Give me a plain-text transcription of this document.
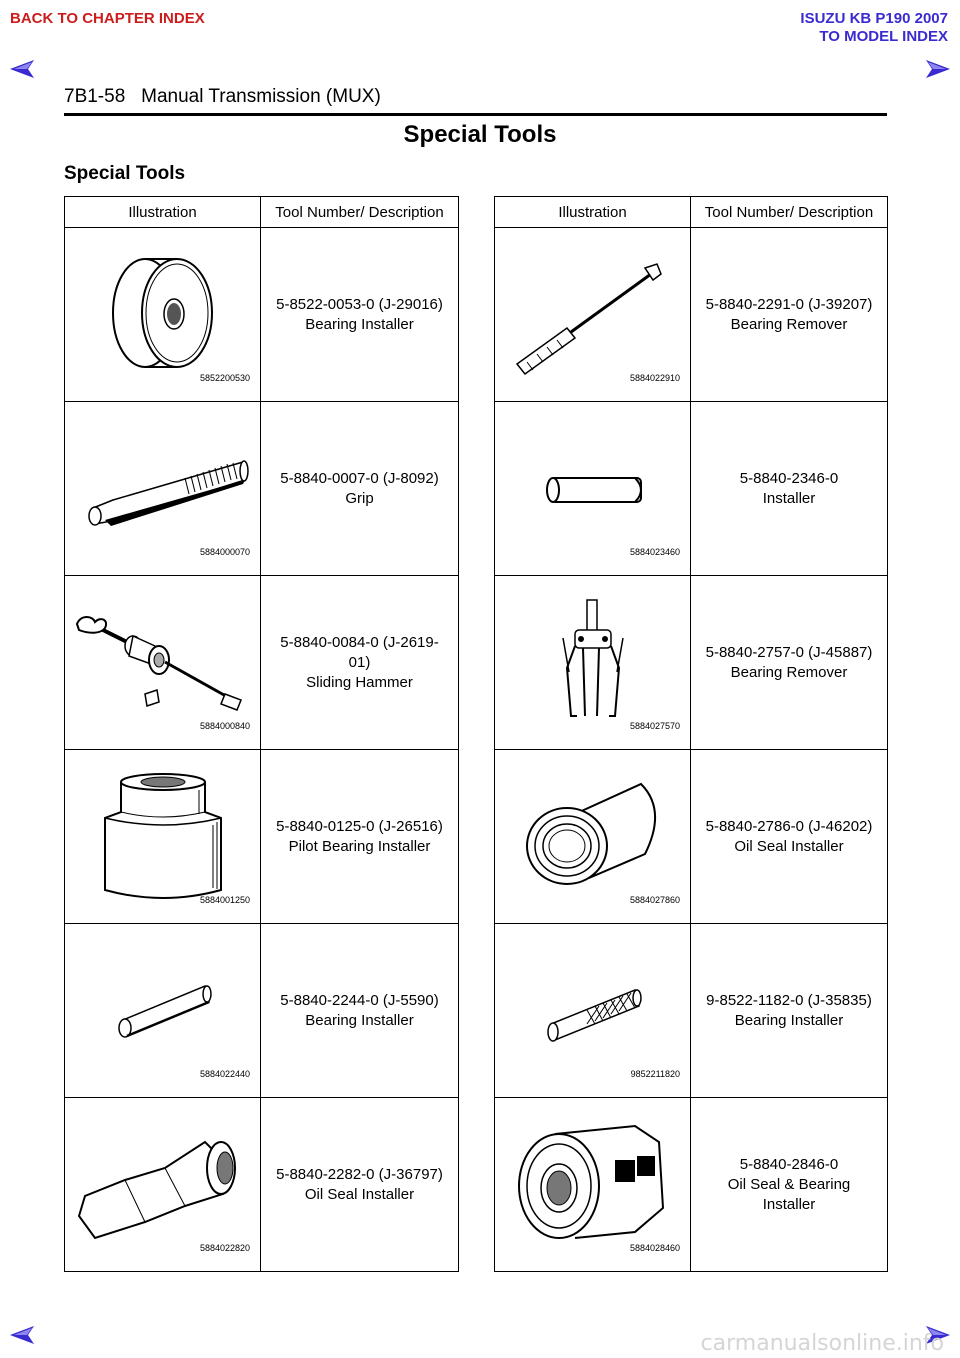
BACK TO CHAPTER INDEX	ISUZU KB P190 2007
TO MODEL INDEX
7B1-58 Manual Transmission (MUX)
Special Tools
Special Tools
Illustration	Tool Number/ Description

5852200530	5-8522-0053-0 (J-29016)
Bearing Installer

5884000070	5-8840-0007-0 (J-8092)
Grip

5884000840	5-8840-0084-0 (J-2619-
01)
Sliding Hammer

5884001250	5-8840-0125-0 (J-26516)
Pilot Bearing Installer

5884022440	5-8840-2244-0 (J-5590)
Bearing Installer

5884022820	5-8840-2282-0 (J-36797)
Oil Seal Installer
Illustration	Tool Number/ Description

5884022910	5-8840-2291-0 (J-39207)
Bearing Remover

5884023460	5-8840-2346-0
Installer

5884027570	5-8840-2757-0 (J-45887)
Bearing Remover

5884027860	5-8840-2786-0 (J-46202)
Oil Seal Installer

9852211820	9-8522-1182-0 (J-35835)
Bearing Installer

5884028460	5-8840-2846-0
Oil Seal & Bearing
Installer
carmanualsonline.info
